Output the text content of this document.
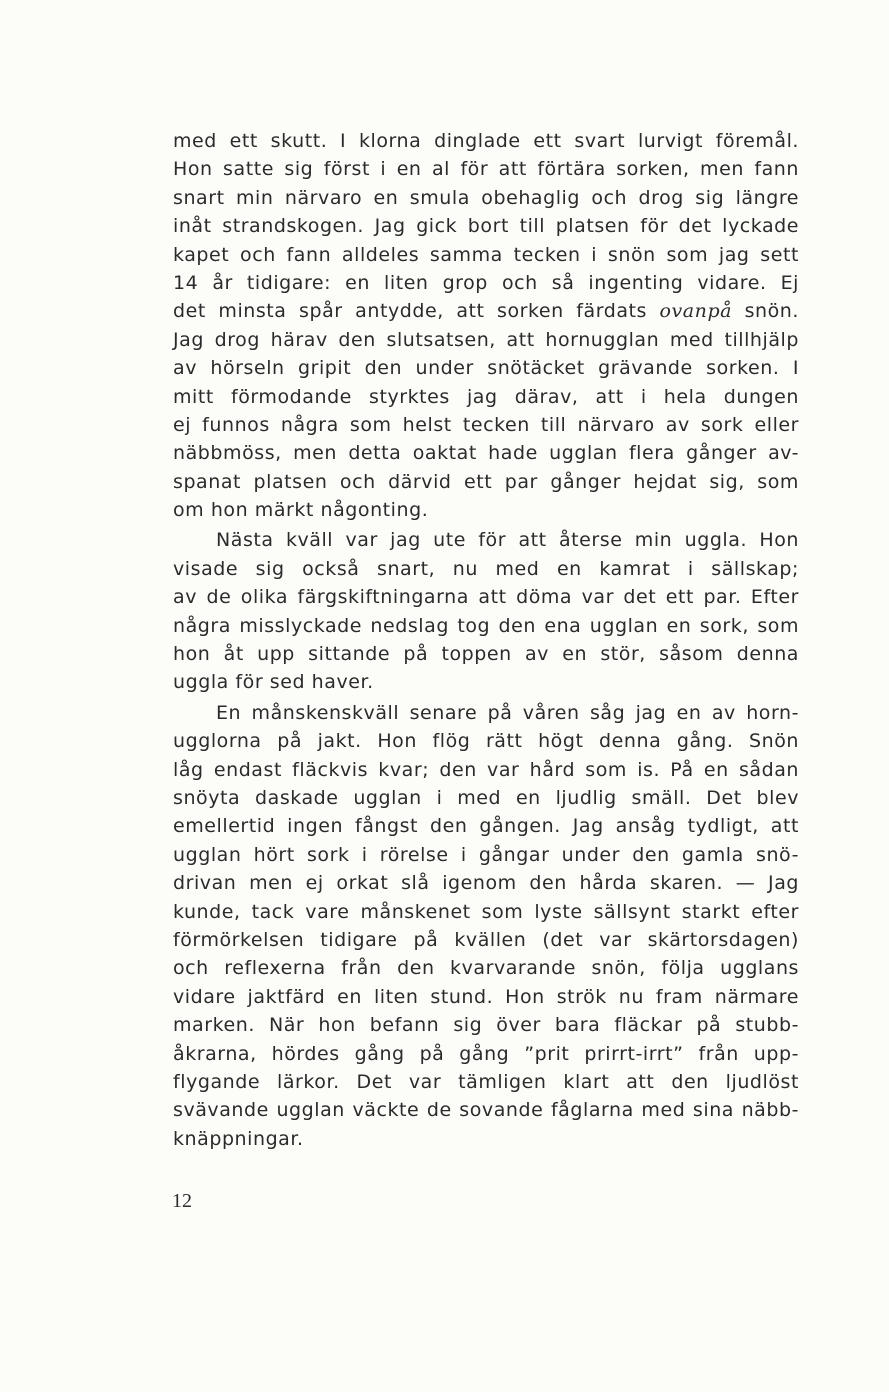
med ett skutt. I klorna dinglade ett svart lurvigt föremål.
Hon satte sig först i en al för att förtära sorken, men fann
snart min närvaro en smula obehaglig och drog sig längre
inåt strandskogen. Jag gick bort till platsen för det lyckade
kapet och fann alldeles samma tecken i snön som jag sett
14 år tidigare: en liten grop och så ingenting vidare. Ej
det minsta spår antydde, att sorken färdats ovanpå snön.
Jag drog härav den slutsatsen, att hornugglan med tillhjälp
av hörseln gripit den under snötäcket grävande sorken. I
mitt förmodande styrktes jag därav, att i hela dungen
ej funnos några som helst tecken till närvaro av sork eller
näbbmöss, men detta oaktat hade ugglan flera gånger av-
spanat platsen och därvid ett par gånger hejdat sig, som
om hon märkt någonting.
Nästa kväll var jag ute för att återse min uggla. Hon
visade sig också snart, nu med en kamrat i sällskap;
av de olika färgskiftningarna att döma var det ett par. Efter
några misslyckade nedslag tog den ena ugglan en sork, som
hon åt upp sittande på toppen av en stör, såsom denna
uggla för sed haver.
En månskenskväll senare på våren såg jag en av horn-
ugglorna på jakt. Hon flög rätt högt denna gång. Snön
låg endast fläckvis kvar; den var hård som is. På en sådan
snöyta daskade ugglan i med en ljudlig smäll. Det blev
emellertid ingen fångst den gången. Jag ansåg tydligt, att
ugglan hört sork i rörelse i gångar under den gamla snö-
drivan men ej orkat slå igenom den hårda skaren. — Jag
kunde, tack vare månskenet som lyste sällsynt starkt efter
förmörkelsen tidigare på kvällen (det var skärtorsdagen)
och reflexerna från den kvarvarande snön, följa ugglans
vidare jaktfärd en liten stund. Hon strök nu fram närmare
marken. När hon befann sig över bara fläckar på stubb-
åkrarna, hördes gång på gång ”prit prirrt-irrt” från upp-
flygande lärkor. Det var tämligen klart att den ljudlöst
svävande ugglan väckte de sovande fåglarna med sina näbb-
knäppningar.
12
